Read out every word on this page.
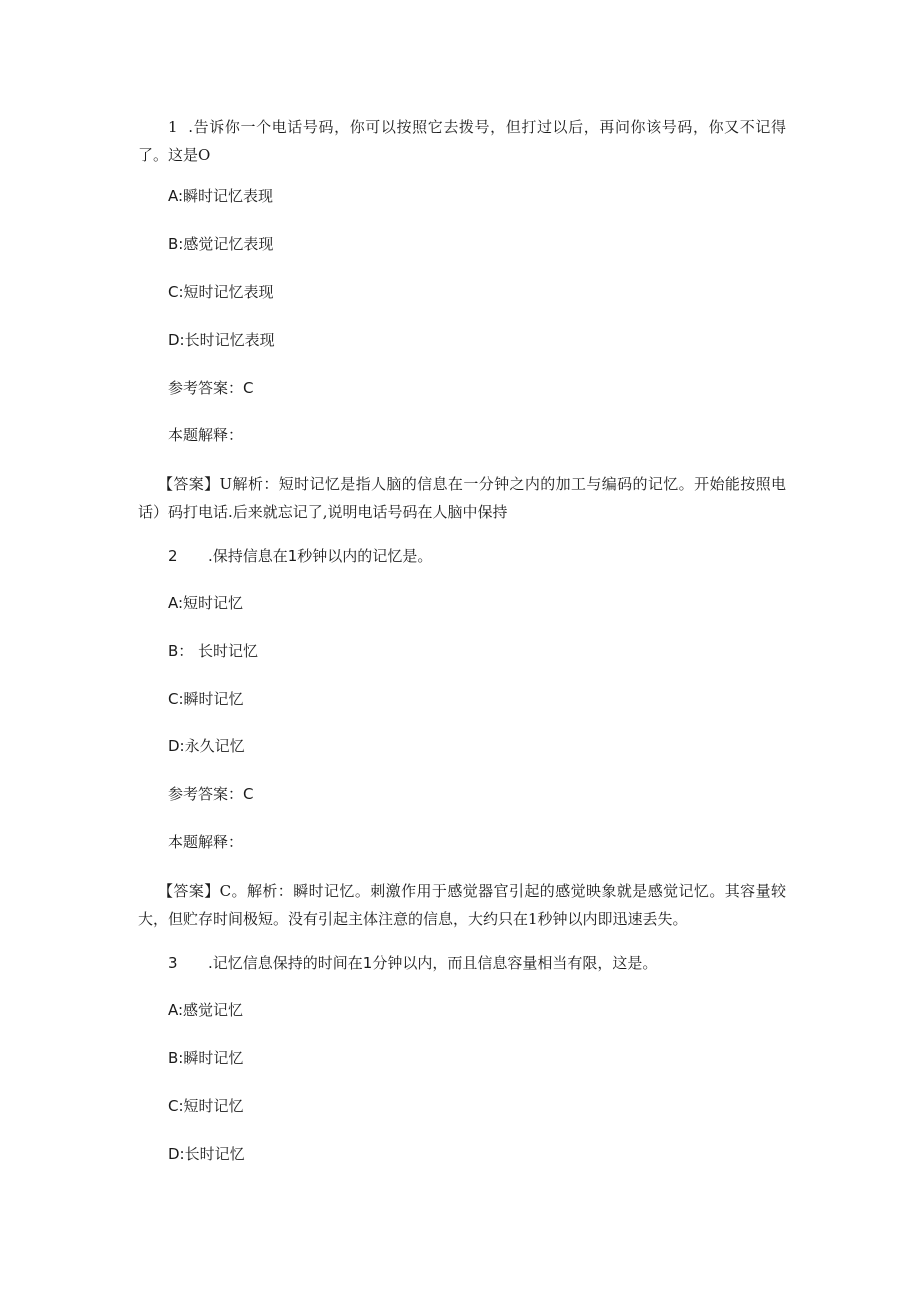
1 .告诉你一个电话号码，你可以按照它去拨号，但打过以后，再问你该号码，你又不记得了。这是O
A:瞬时记忆表现
B:感觉记忆表现
C:短时记忆表现
D:长时记忆表现
参考答案：C
本题解释：
【答案】U解析：短时记忆是指人脑的信息在一分钟之内的加工与编码的记忆。开始能按照电话）码打电话.后来就忘记了,说明电话号码在人脑中保持
2 .保持信息在1秒钟以内的记忆是。
A:短时记忆
B： 长时记忆
C:瞬时记忆
D:永久记忆
参考答案：C
本题解释：
【答案】C。解析：瞬时记忆。刺激作用于感觉器官引起的感觉映象就是感觉记忆。其容量较大，但贮存时间极短。没有引起主体注意的信息，大约只在1秒钟以内即迅速丢失。
3 .记忆信息保持的时间在1分钟以内，而且信息容量相当有限，这是。
A:感觉记忆
B:瞬时记忆
C:短时记忆
D:长时记忆
